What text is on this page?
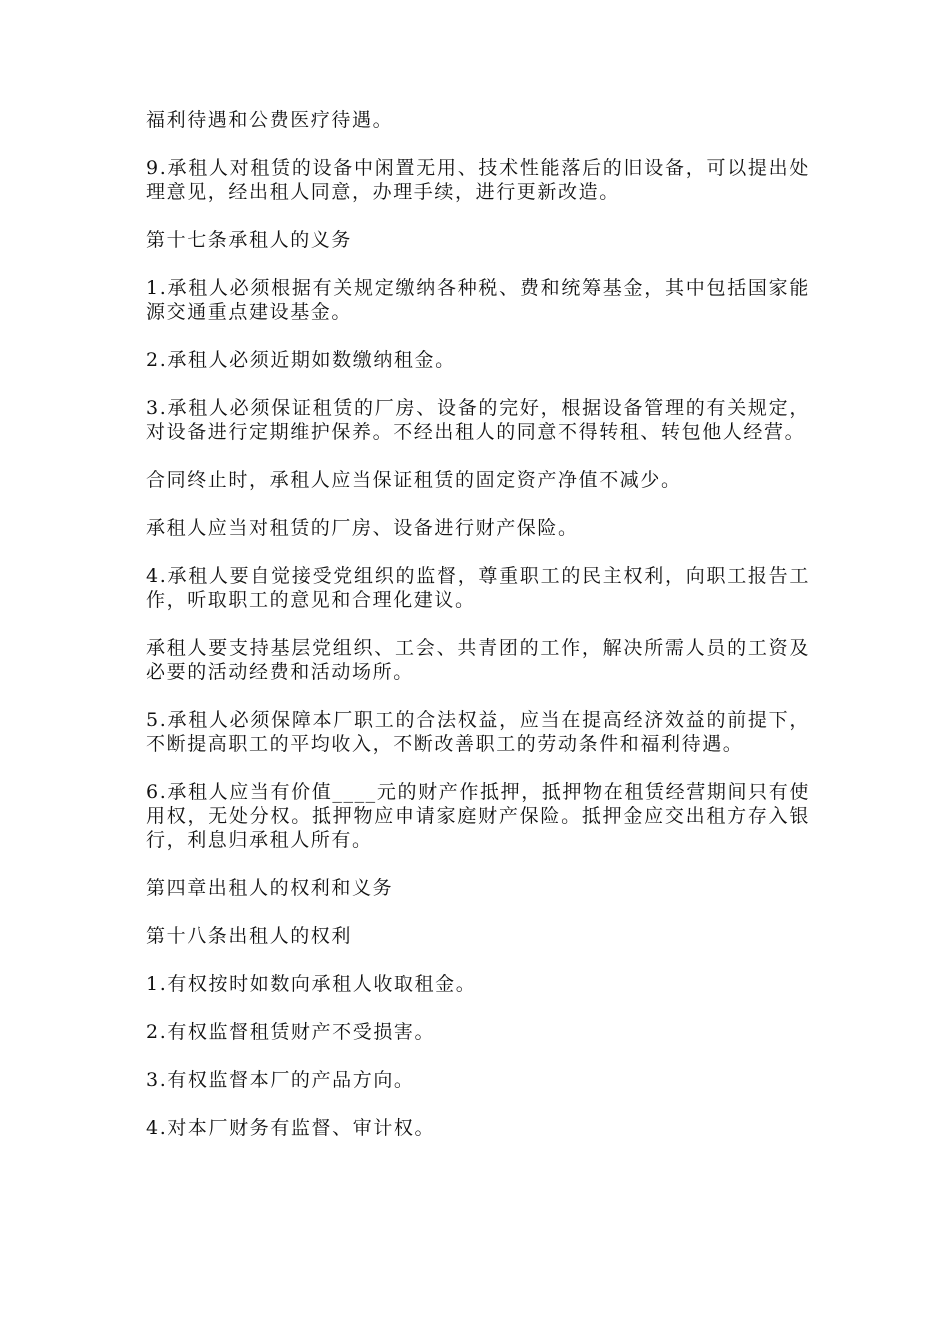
福利待遇和公费医疗待遇。

9.承租人对租赁的设备中闲置无用、技术性能落后的旧设备，可以提出处理意见，经出租人同意，办理手续，进行更新改造。

第十七条承租人的义务

1.承租人必须根据有关规定缴纳各种税、费和统筹基金，其中包括国家能源交通重点建设基金。

2.承租人必须近期如数缴纳租金。

3.承租人必须保证租赁的厂房、设备的完好，根据设备管理的有关规定，对设备进行定期维护保养。不经出租人的同意不得转租、转包他人经营。

合同终止时，承租人应当保证租赁的固定资产净值不减少。

承租人应当对租赁的厂房、设备进行财产保险。

4.承租人要自觉接受党组织的监督，尊重职工的民主权利，向职工报告工作，听取职工的意见和合理化建议。

承租人要支持基层党组织、工会、共青团的工作，解决所需人员的工资及必要的活动经费和活动场所。

5.承租人必须保障本厂职工的合法权益，应当在提高经济效益的前提下，不断提高职工的平均收入，不断改善职工的劳动条件和福利待遇。

6.承租人应当有价值____元的财产作抵押，抵押物在租赁经营期间只有使用权，无处分权。抵押物应申请家庭财产保险。抵押金应交出租方存入银行，利息归承租人所有。

第四章出租人的权利和义务

第十八条出租人的权利

1.有权按时如数向承租人收取租金。

2.有权监督租赁财产不受损害。

3.有权监督本厂的产品方向。

4.对本厂财务有监督、审计权。
